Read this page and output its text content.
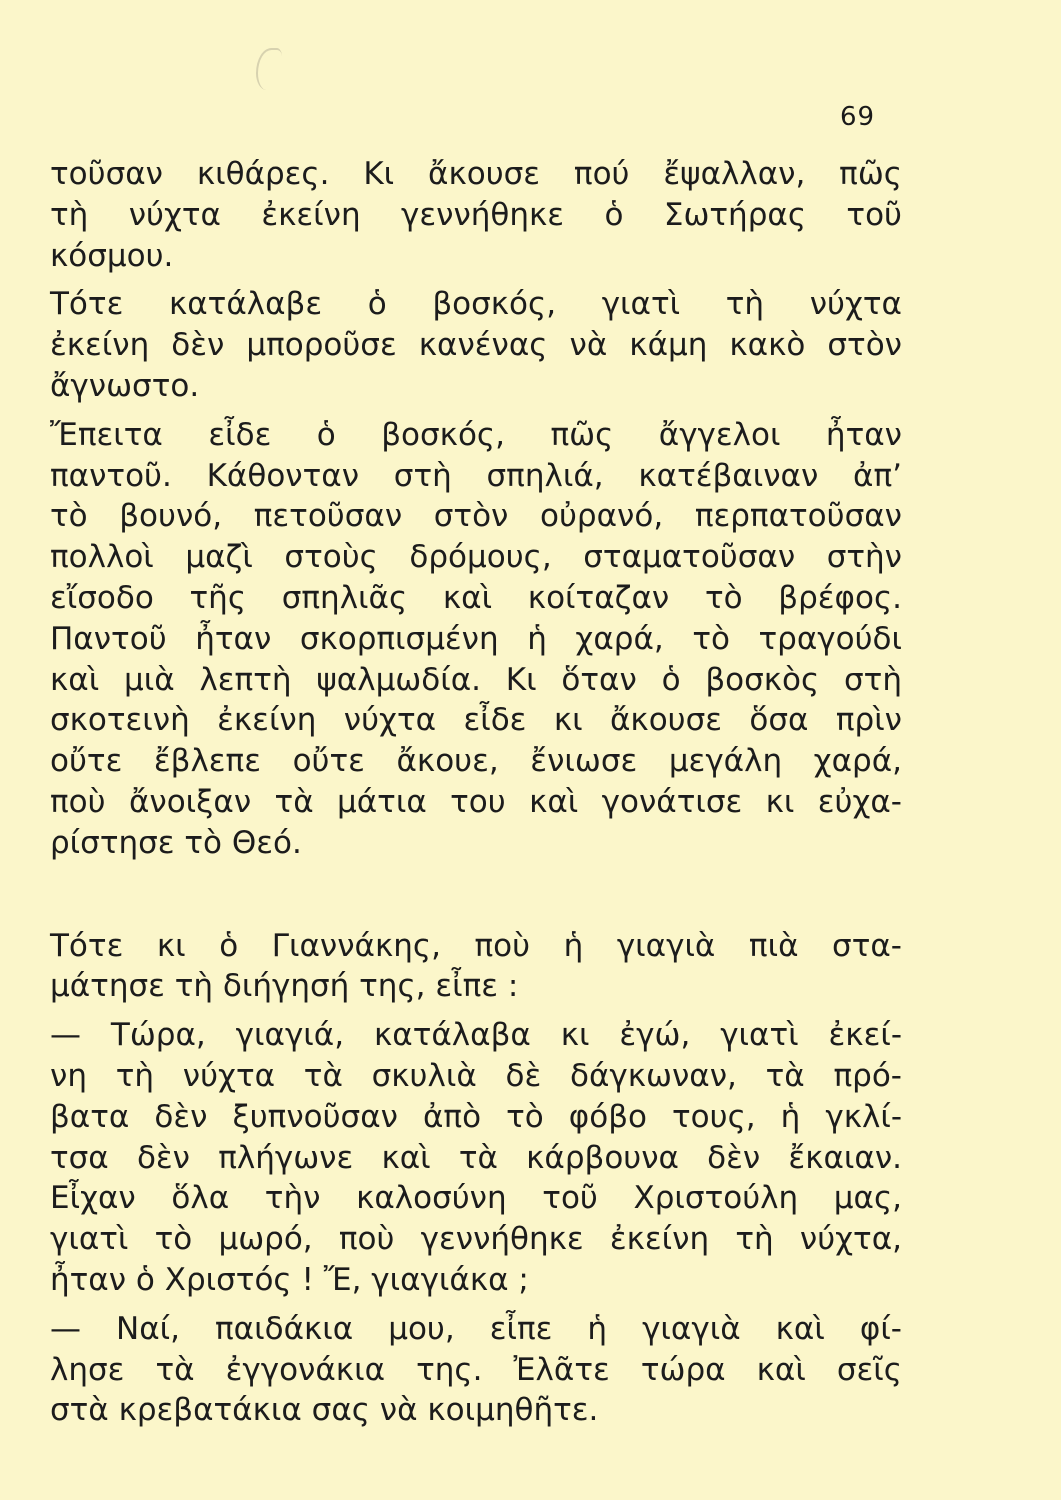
69
τοῦσαν κιθάρες. Κι ἄκουσε πού ἔψαλλαν, πῶς
τὴ νύχτα ἐκείνη γεννήθηκε ὁ Σωτήρας τοῦ
κόσμου.
Τότε κατάλαβε ὁ βοσκός, γιατὶ τὴ νύχτα
ἐκείνη δὲν μποροῦσε κανένας νὰ κάμη κακὸ στὸν
ἄγνωστο.
Ἔπειτα εἶδε ὁ βοσκός, πῶς ἄγγελοι ἦταν
παντοῦ. Κάθονταν στὴ σπηλιά, κατέβαιναν ἀπ’
τὸ βουνό, πετοῦσαν στὸν οὐρανό, περπατοῦσαν
πολλοὶ μαζὶ στοὺς δρόμους, σταματοῦσαν στὴν
εἴσοδο τῆς σπηλιᾶς καὶ κοίταζαν τὸ βρέφος.
Παντοῦ ἦταν σκορπισμένη ἡ χαρά, τὸ τραγούδι
καὶ μιὰ λεπτὴ ψαλμωδία. Κι ὅταν ὁ βοσκὸς στὴ
σκοτεινὴ ἐκείνη νύχτα εἶδε κι ἄκουσε ὅσα πρὶν
οὔτε ἔβλεπε οὔτε ἄκουε, ἔνιωσε μεγάλη χαρά,
ποὺ ἄνοιξαν τὰ μάτια του καὶ γονάτισε κι εὐχα-
ρίστησε τὸ Θεό.
Τότε κι ὁ Γιαννάκης, ποὺ ἡ γιαγιὰ πιὰ στα-
μάτησε τὴ διήγησή της, εἶπε :
— Τώρα, γιαγιά, κατάλαβα κι ἐγώ, γιατὶ ἐκεί-
νη τὴ νύχτα τὰ σκυλιὰ δὲ δάγκωναν, τὰ πρό-
βατα δὲν ξυπνοῦσαν ἀπὸ τὸ φόβο τους, ἡ γκλί-
τσα δὲν πλήγωνε καὶ τὰ κάρβουνα δὲν ἔκαιαν.
Εἶχαν ὅλα τὴν καλοσύνη τοῦ Χριστούλη μας,
γιατὶ τὸ μωρό, ποὺ γεννήθηκε ἐκείνη τὴ νύχτα,
ἦταν ὁ Χριστός ! Ἔ, γιαγιάκα ;
— Ναί, παιδάκια μου, εἶπε ἡ γιαγιὰ καὶ φί-
λησε τὰ ἐγγονάκια της. Ἐλᾶτε τώρα καὶ σεῖς
στὰ κρεβατάκια σας νὰ κοιμηθῆτε.
